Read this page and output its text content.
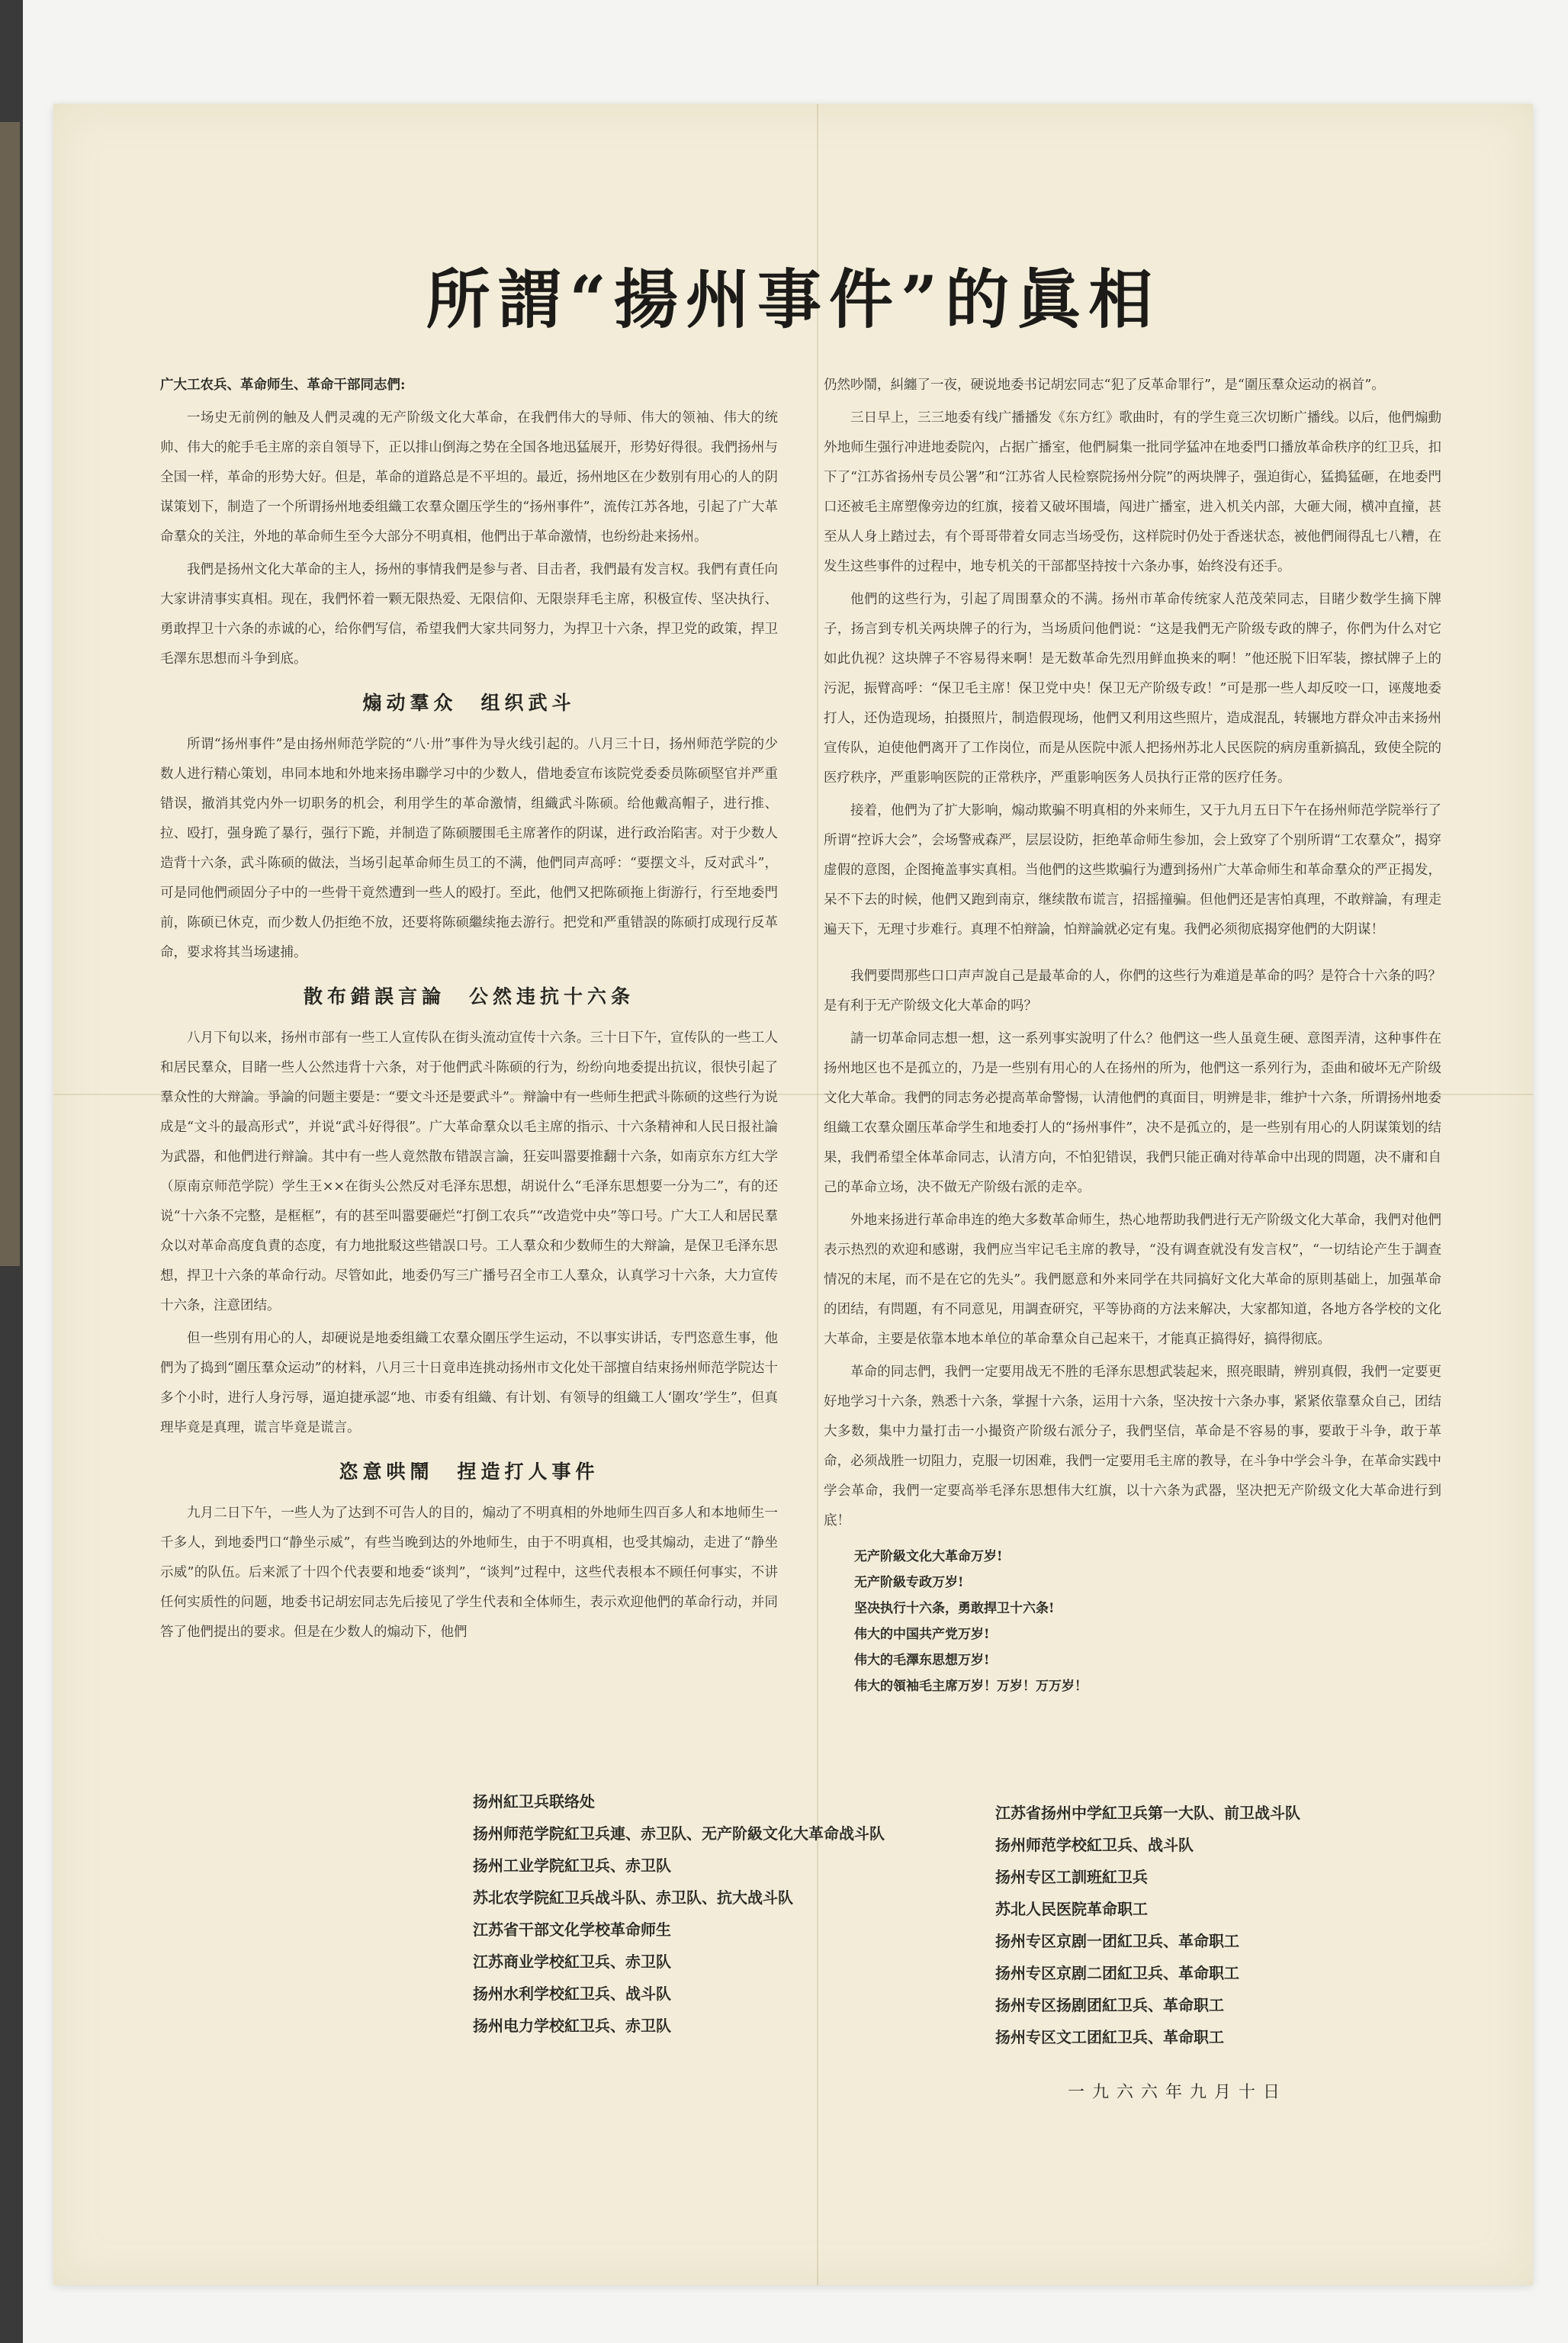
所謂“揚州事件”的眞相

广大工农兵、革命师生、革命干部同志們:

一场史无前例的触及人們灵魂的无产阶级文化大革命，在我們伟大的导师、伟大的领袖、伟大的统帅、伟大的舵手毛主席的亲自領导下，正以排山倒海之势在全国各地迅猛展开，形势好得很。我們扬州与全国一样，革命的形势大好。但是，革命的道路总是不平坦的。最近，扬州地区在少数别有用心的人的阴谋策划下，制造了一个所谓扬州地委组織工农羣众圍压学生的“扬州事件”，流传江苏各地，引起了广大革命羣众的关注，外地的革命师生至今大部分不明真相，他們出于革命激情，也纷纷赴来扬州。

我們是扬州文化大革命的主人，扬州的事情我們是参与者、目击者，我們最有发言权。我們有責任向大家讲清事实真相。现在，我們怀着一颗无限热爱、无限信仰、无限崇拜毛主席，积极宣传、坚决执行、勇敢捍卫十六条的赤诚的心，给你們写信，希望我們大家共同努力，为捍卫十六条，捍卫党的政策，捍卫毛澤东思想而斗争到底。

煽动羣众　组织武斗

所谓“扬州事件”是由扬州师范学院的“八·卅”事件为导火线引起的。八月三十日，扬州师范学院的少数人进行精心策划，串同本地和外地来扬串聯学习中的少数人，借地委宣布该院党委委员陈硕堅官并严重错误，撤消其党内外一切职务的机会，利用学生的革命激情，组織武斗陈硕。给他戴高帽子，进行推、拉、殴打，强身跪了暴行，强行下跪，并制造了陈硕腰围毛主席著作的阴谋，进行政治陷害。对于少数人造背十六条，武斗陈硕的做法，当场引起革命师生员工的不满，他們同声高呼：“要摆文斗，反对武斗”，可是同他們顽固分子中的一些骨干竟然遭到一些人的殴打。至此，他們又把陈硕拖上街游行，行至地委門前，陈硕已休克，而少数人仍拒绝不放，还要将陈硕繼续拖去游行。把党和严重错誤的陈硕打成现行反革命，要求将其当场逮捕。

散布錯誤言論　公然违抗十六条

八月下旬以来，扬州市部有一些工人宣传队在街头流动宣传十六条。三十日下午，宣传队的一些工人和居民羣众，目睹一些人公然违背十六条，对于他們武斗陈硕的行为，纷纷向地委提出抗议，很快引起了羣众性的大辩論。爭論的问题主要是：“要文斗还是要武斗”。辩論中有一些师生把武斗陈硕的这些行为说成是“文斗的最高形式”，并说“武斗好得很”。广大革命羣众以毛主席的指示、十六条精神和人民日报社論为武器，和他們进行辩論。其中有一些人竟然散布错誤言論，狂妄叫嚣要推翻十六条，如南京东方红大学（原南京师范学院）学生王××在街头公然反对毛泽东思想，胡说什么“毛泽东思想要一分为二”，有的还说“十六条不完整，是框框”，有的甚至叫嚣要砸烂“打倒工农兵”“改造党中央”等口号。广大工人和居民羣众以对革命高度負責的态度，有力地批駁这些错誤口号。工人羣众和少数师生的大辩論，是保卫毛泽东思想，捍卫十六条的革命行动。尽管如此，地委仍写三广播号召全市工人羣众，认真学习十六条，大力宣传十六条，注意团结。

但一些別有用心的人，却硬说是地委组織工农羣众圍压学生运动，不以事实讲话，专門恣意生事，他們为了捣到“圍压羣众运动”的材料，八月三十日竟串连挑动扬州市文化处干部擅自结束扬州师范学院达十多个小时，进行人身污辱，逼迫捷承認“地、市委有组織、有计划、有领导的组織工人‘圍攻’学生”，但真理毕竟是真理，谎言毕竟是谎言。

恣意哄鬧　捏造打人事件

九月二日下午，一些人为了达到不可告人的目的，煽动了不明真相的外地师生四百多人和本地师生一千多人，到地委門口“静坐示威”，有些当晚到达的外地师生，由于不明真相，也受其煽动，走进了“静坐示威”的队伍。后来派了十四个代表要和地委“谈判”，“谈判”过程中，这些代表根本不顾任何事实，不讲任何实质性的问题，地委书记胡宏同志先后接见了学生代表和全体师生，表示欢迎他們的革命行动，并同答了他們提出的要求。但是在少数人的煽动下，他們

仍然吵鬧，糾纏了一夜，硬说地委书记胡宏同志“犯了反革命罪行”，是“圍压羣众运动的祸首”。

三日早上，三三地委有线广播播发《东方红》歌曲时，有的学生竟三次切断广播线。以后，他們煽動外地师生强行冲进地委院內，占据广播室，他們屙集一批同学猛冲在地委門口播放革命秩序的红卫兵，扣下了“江苏省扬州专员公署”和“江苏省人民检察院扬州分院”的两块牌子，强迫街心，猛搗猛砸，在地委門口还被毛主席塑像旁边的红旗，接着又破坏围墙，闯进广播室，进入机关内部，大砸大闹，横冲直撞，甚至从人身上踏过去，有个哥哥带着女同志当场受伤，这样院时仍处于香迷状态，被他們闹得乱七八糟，在发生这些事件的过程中，地专机关的干部都坚持按十六条办事，始终没有还手。

他們的这些行为，引起了周围羣众的不满。扬州市革命传统家人范茂荣同志，目睹少数学生摘下牌子，扬言到专机关两块牌子的行为，当场质问他們说：“这是我們无产阶级专政的牌子，你們为什么对它如此仇视？这块牌子不容易得来啊！是无数革命先烈用鲜血换来的啊！”他还脱下旧军装，擦拭牌子上的污泥，振臂高呼：“保卫毛主席！保卫党中央！保卫无产阶级专政！”可是那一些人却反咬一口，诬蔑地委打人，还伪造现场，拍摄照片，制造假现场，他們又利用这些照片，造成混乱，转辗地方群众冲击来扬州宣传队，迫使他們离开了工作岗位，而是从医院中派人把扬州苏北人民医院的病房重新搞乱，致使全院的医疗秩序，严重影响医院的正常秩序，严重影响医务人员执行正常的医疗任务。

接着，他們为了扩大影响，煽动欺骗不明真相的外来师生，又于九月五日下午在扬州师范学院举行了所谓“控诉大会”，会场警戒森严，层层设防，拒绝革命师生参加，会上致穿了个别所谓“工农羣众”，揭穿虚假的意图，企图掩盖事实真相。当他們的这些欺骗行为遭到扬州广大革命师生和革命羣众的严正揭发，呆不下去的时候，他們又跑到南京，继续散布谎言，招摇撞骗。但他們还是害怕真理，不敢辩論，有理走遍天下，无理寸步难行。真理不怕辩論，怕辩論就必定有鬼。我們必须彻底揭穿他們的大阴谋！

我們要問那些口口声声說自己是最革命的人，你們的这些行为难道是革命的吗？是符合十六条的吗？是有利于无产阶级文化大革命的吗？

請一切革命同志想一想，这一系列事实說明了什么？他們这一些人虽竟生硬、意图弄清，这种事件在扬州地区也不是孤立的，乃是一些别有用心的人在扬州的所为，他們这一系列行为，歪曲和破坏无产阶级文化大革命。我們的同志务必提高革命警惕，认清他們的真面目，明辨是非，维护十六条，所谓扬州地委组織工农羣众圍压革命学生和地委打人的“扬州事件”，决不是孤立的，是一些别有用心的人阴谋策划的结果，我們希望全体革命同志，认清方向，不怕犯错误，我們只能正确对待革命中出现的問題，决不庸和自己的革命立场，决不做无产阶级右派的走卒。

外地来扬进行革命串连的绝大多数革命师生，热心地帮助我們进行无产阶级文化大革命，我們对他們表示热烈的欢迎和感谢，我們应当牢记毛主席的教导，“没有调查就没有发言权”，“一切结论产生于調查情况的末尾，而不是在它的先头”。我們愿意和外来同学在共同搞好文化大革命的原則基础上，加强革命的团结，有問題，有不同意见，用調查研究，平等协商的方法来解决，大家都知道，各地方各学校的文化大革命，主要是依靠本地本单位的革命羣众自己起来干，才能真正搞得好，搞得彻底。

革命的同志們，我們一定要用战无不胜的毛泽东思想武装起来，照亮眼睛，辨别真假，我們一定要更好地学习十六条，熟悉十六条，掌握十六条，运用十六条，坚决按十六条办事，紧紧依靠羣众自己，团结大多数，集中力量打击一小撮资产阶级右派分子，我們坚信，革命是不容易的事，要敢于斗争，敢于革命，必须战胜一切阻力，克服一切困难，我們一定要用毛主席的教导，在斗争中学会斗争，在革命实践中学会革命，我們一定要高举毛泽东思想伟大红旗，以十六条为武器，坚决把无产阶级文化大革命进行到底！

无产阶級文化大革命万岁!
无产阶級专政万岁!
坚决执行十六条，勇敢捍卫十六条!
伟大的中国共产党万岁!
伟大的毛澤东思想万岁!
伟大的領袖毛主席万岁！万岁！万万岁！
扬州紅卫兵联络处
扬州师范学院紅卫兵連、赤卫队、无产阶級文化大革命战斗队
扬州工业学院紅卫兵、赤卫队
苏北农学院紅卫兵战斗队、赤卫队、抗大战斗队
江苏省干部文化学校革命师生
江苏商业学校紅卫兵、赤卫队
扬州水利学校紅卫兵、战斗队
扬州电力学校紅卫兵、赤卫队
江苏省扬州中学紅卫兵第一大队、前卫战斗队
扬州师范学校紅卫兵、战斗队
扬州专区工訓班紅卫兵
苏北人民医院革命职工
扬州专区京剧一团紅卫兵、革命职工
扬州专区京剧二团紅卫兵、革命职工
扬州专区扬剧团紅卫兵、革命职工
扬州专区文工团紅卫兵、革命职工
一九六六年九月十日
